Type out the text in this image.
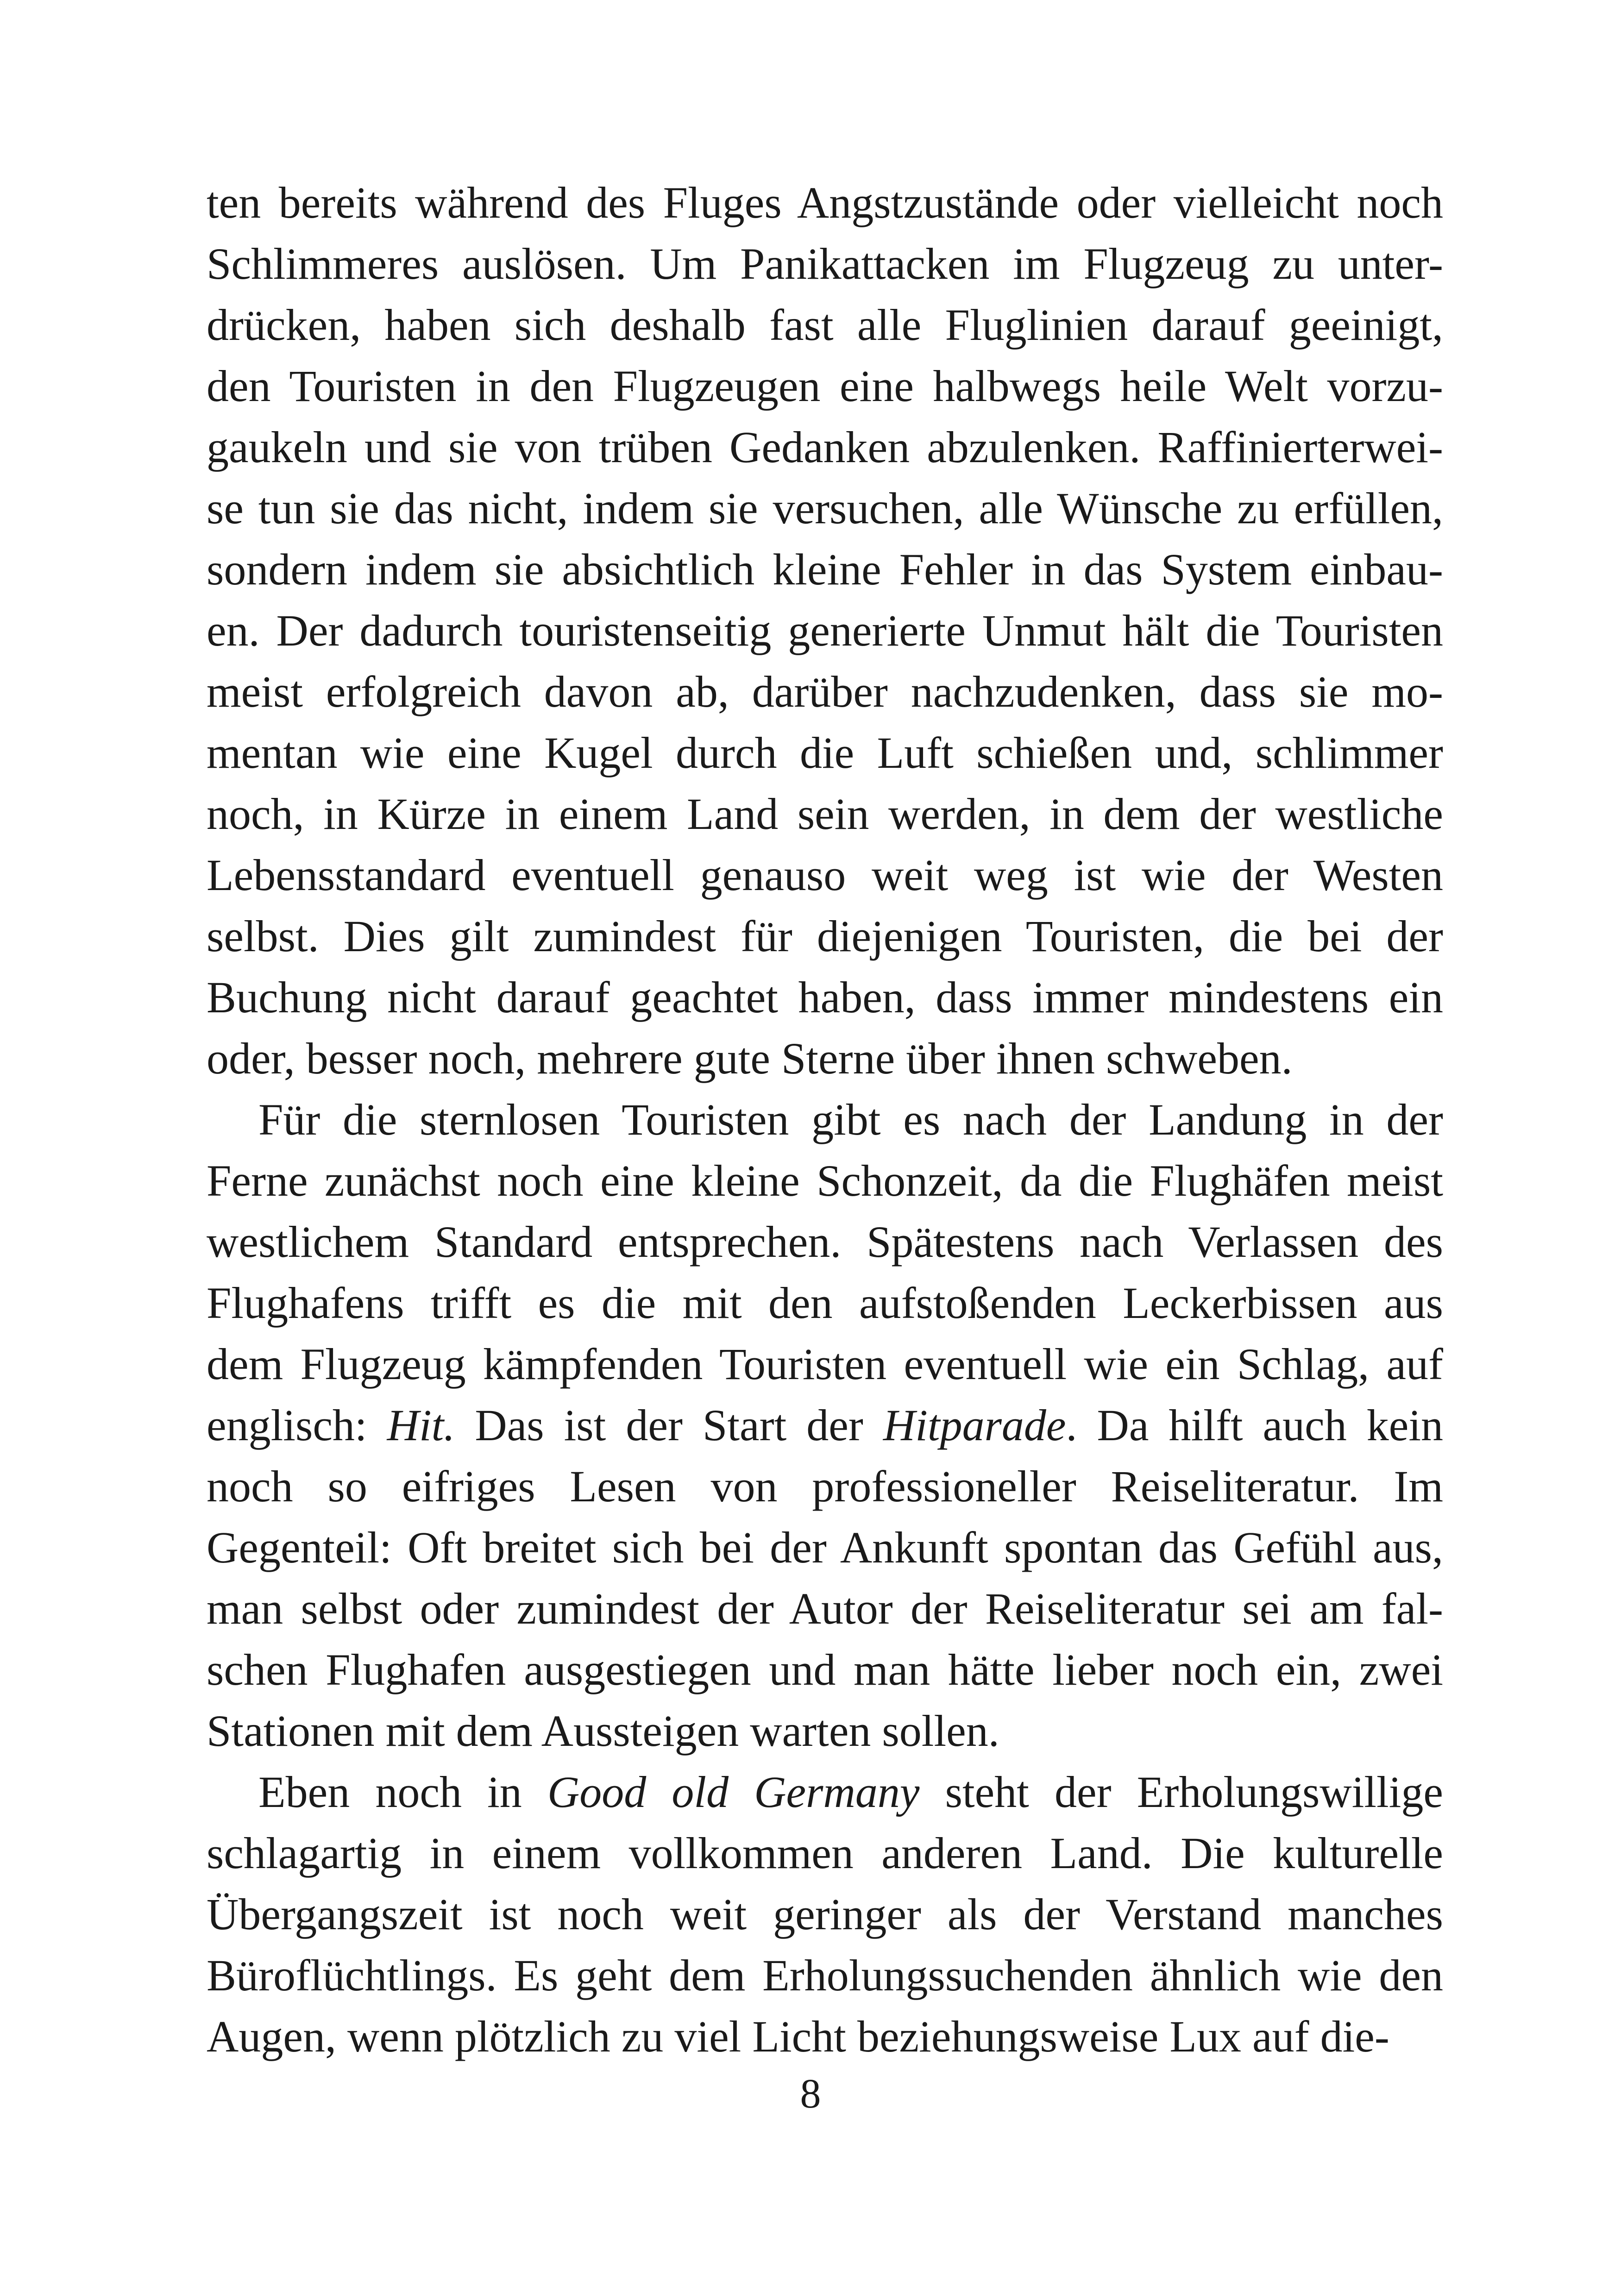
ten bereits während des Fluges Angstzustände oder vielleicht noch
Schlimmeres auslösen. Um Panikattacken im Flugzeug zu unter-
drücken, haben sich deshalb fast alle Fluglinien darauf geeinigt,
den Touristen in den Flugzeugen eine halbwegs heile Welt vorzu-
gaukeln und sie von trüben Gedanken abzulenken. Raffinierterwei-
se tun sie das nicht, indem sie versuchen, alle Wünsche zu erfüllen,
sondern indem sie absichtlich kleine Fehler in das System einbau-
en. Der dadurch touristenseitig generierte Unmut hält die Touristen
meist erfolgreich davon ab, darüber nachzudenken, dass sie mo-
mentan wie eine Kugel durch die Luft schießen und, schlimmer
noch, in Kürze in einem Land sein werden, in dem der westliche
Lebensstandard eventuell genauso weit weg ist wie der Westen
selbst. Dies gilt zumindest für diejenigen Touristen, die bei der
Buchung nicht darauf geachtet haben, dass immer mindestens ein
oder, besser noch, mehrere gute Sterne über ihnen schweben.
Für die sternlosen Touristen gibt es nach der Landung in der
Ferne zunächst noch eine kleine Schonzeit, da die Flughäfen meist
westlichem Standard entsprechen. Spätestens nach Verlassen des
Flughafens trifft es die mit den aufstoßenden Leckerbissen aus
dem Flugzeug kämpfenden Touristen eventuell wie ein Schlag, auf
englisch: Hit. Das ist der Start der Hitparade. Da hilft auch kein
noch so eifriges Lesen von professioneller Reiseliteratur. Im
Gegenteil: Oft breitet sich bei der Ankunft spontan das Gefühl aus,
man selbst oder zumindest der Autor der Reiseliteratur sei am fal-
schen Flughafen ausgestiegen und man hätte lieber noch ein, zwei
Stationen mit dem Aussteigen warten sollen.
Eben noch in Good old Germany steht der Erholungswillige
schlagartig in einem vollkommen anderen Land. Die kulturelle
Übergangszeit ist noch weit geringer als der Verstand manches
Büroflüchtlings. Es geht dem Erholungssuchenden ähnlich wie den
Augen, wenn plötzlich zu viel Licht beziehungsweise Lux auf die-
8
